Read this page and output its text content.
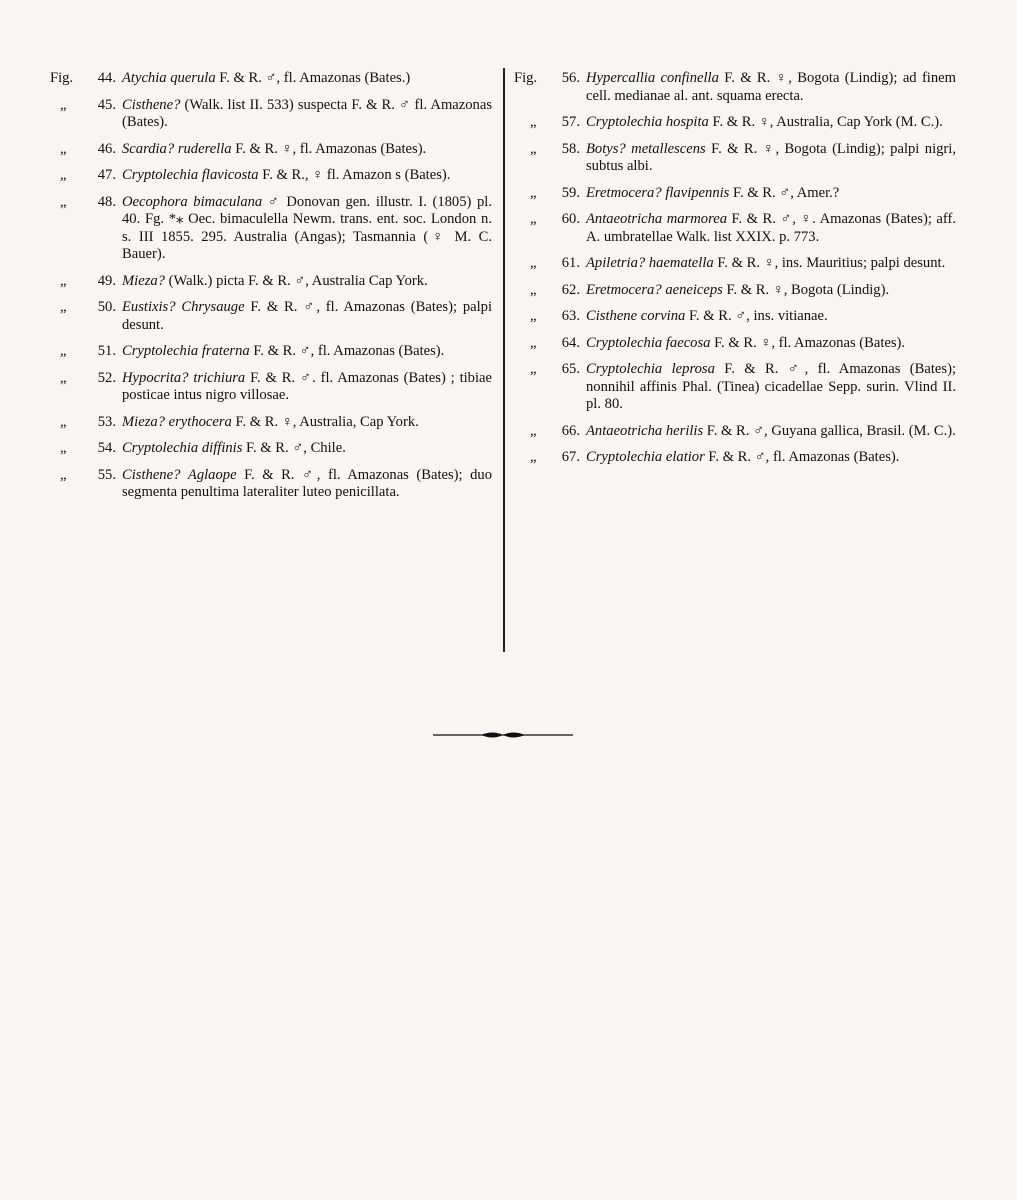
Fig.	44. Atychia querula F. & R. ♂, fl. Amazonas (Bates.)
„	45. Cisthene? (Walk. list II. 533) suspecta F. & R. ♂ fl. Amazonas (Bates).
„	46. Scardia? ruderella F. & R. ♀, fl. Amazonas (Bates).
„	47. Cryptolechia flavicosta F. & R., ♀ fl. Amazon s (Bates).
„	48. Oecophora bimaculana ♂ Donovan gen. illustr. I. (1805) pl. 40. Fg. *⁎ Oec. bimaculella Newm. trans. ent. soc. London n. s. III 1855. 295. Australia (Angas); Tasmannia (♀ M. C. Bauer).
„	49. Mieza? (Walk.) picta F. & R. ♂, Australia Cap York.
„	50. Eustixis? Chrysauge F. & R. ♂, fl. Amazonas (Bates); palpi desunt.
„	51. Cryptolechia fraterna F. & R. ♂, fl. Amazonas (Bates).
„	52. Hypocrita? trichiura F. & R. ♂. fl. Amazonas (Bates) ; tibiae posticae intus nigro villosae.
„	53. Mieza? erythocera F. & R. ♀, Australia, Cap York.
„	54. Cryptolechia diffinis F. & R. ♂, Chile.
„	55. Cisthene? Aglaope F. & R. ♂, fl. Amazonas (Bates); duo segmenta penultima lateraliter luteo penicillata.
Fig.	56. Hypercallia confinella F. & R. ♀, Bogota (Lindig); ad finem cell. medianae al. ant. squama erecta.
„	57. Cryptolechia hospita F. & R. ♀, Australia, Cap York (M. C.).
„	58. Botys? metallescens F. & R. ♀, Bogota (Lindig); palpi nigri, subtus albi.
„	59. Eretmocera? flavipennis F. & R. ♂, Amer.?
„	60. Antaeotricha marmorea F. & R. ♂, ♀. Amazonas (Bates); aff. A. umbratellae Walk. list XXIX. p. 773.
„	61. Apiletria? haematella F. & R. ♀, ins. Mauritius; palpi desunt.
„	62. Eretmocera? aeneiceps F. & R. ♀, Bogota (Lindig).
„	63. Cisthene corvina F. & R. ♂, ins. vitianae.
„	64. Cryptolechia faecosa F. & R. ♀, fl. Amazonas (Bates).
„	65. Cryptolechia leprosa F. & R. ♂, fl. Amazonas (Bates); nonnihil affinis Phal. (Tinea) cicadellae Sepp. surin. Vlind II. pl. 80.
„	66. Antaeotricha herilis F. & R. ♂, Guyana gallica, Brasil. (M. C.).
„	67. Cryptolechia elatior F. & R. ♂, fl. Amazonas (Bates).
